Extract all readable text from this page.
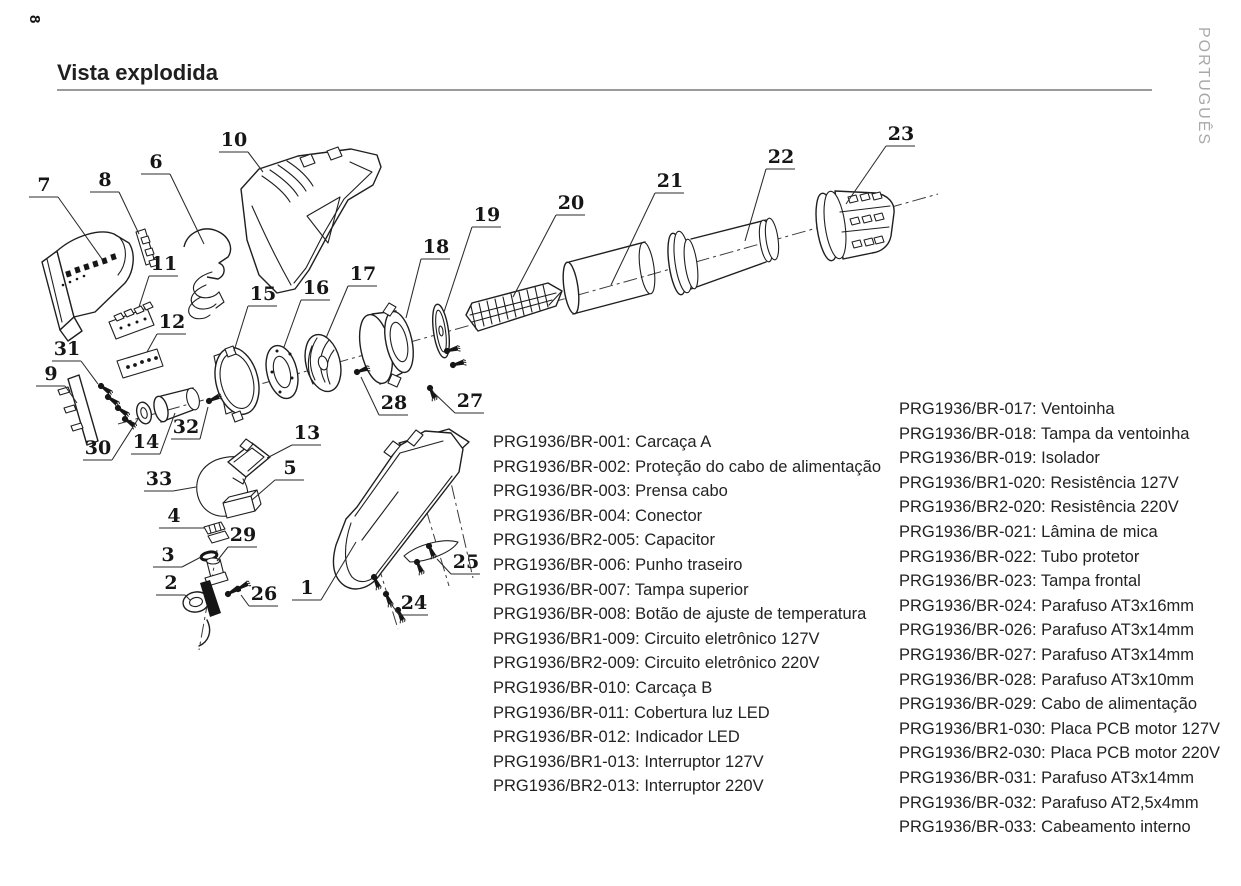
8
PORTUGUÊS
Vista explodida
1
2
3
4
5
6
7	8
9
10
11
12
13
14
15 16
17
18
19
20
21
22
23
24
25
26
27
28
29
30
31
32
33
PRG1936/BR-001 : Carcaça A
PRG1936/BR-002 : Proteção do cabo de alimentação
PRG1936/BR-003 : Prensa cabo
PRG1936/BR-004 : Conector
PRG1936/BR2-005 : Capacitor
PRG1936/BR-006 : Punho traseiro
PRG1936/BR-007 : Tampa superior
PRG1936/BR-008 : Botão de ajuste de temperatura
PRG1936/BR1-009 : Circuito eletrônico 127V
PRG1936/BR2-009 : Circuito eletrônico 220V
PRG1936/BR-010 : Carcaça B
PRG1936/BR-011 : Cobertura luz LED
PRG1936/BR-012 : Indicador LED
PRG1936/BR1-013 : Interruptor 127V
PRG1936/BR2-013 : Interruptor 220V
PRG1936/BR-017 : Ventoinha
PRG1936/BR-018 : Tampa da ventoinha
PRG1936/BR-019 : Isolador
PRG1936/BR1-020 : Resistência 127V
PRG1936/BR2-020 : Resistência 220V
PRG1936/BR-021 : Lâmina de mica
PRG1936/BR-022 : Tubo protetor
PRG1936/BR-023 : Tampa frontal
PRG1936/BR-024 : Parafuso AT3x16mm
PRG1936/BR-026 : Parafuso AT3x14mm
PRG1936/BR-027 : Parafuso AT3x14mm
PRG1936/BR-028 : Parafuso AT3x10mm
PRG1936/BR-029 : Cabo de alimentação
PRG1936/BR1-030 : Placa PCB motor 127V
PRG1936/BR2-030 : Placa PCB motor 220V
PRG1936/BR-031 : Parafuso AT3x14mm
PRG1936/BR-032 : Parafuso AT2,5x4mm
PRG1936/BR-033 : Cabeamento interno
